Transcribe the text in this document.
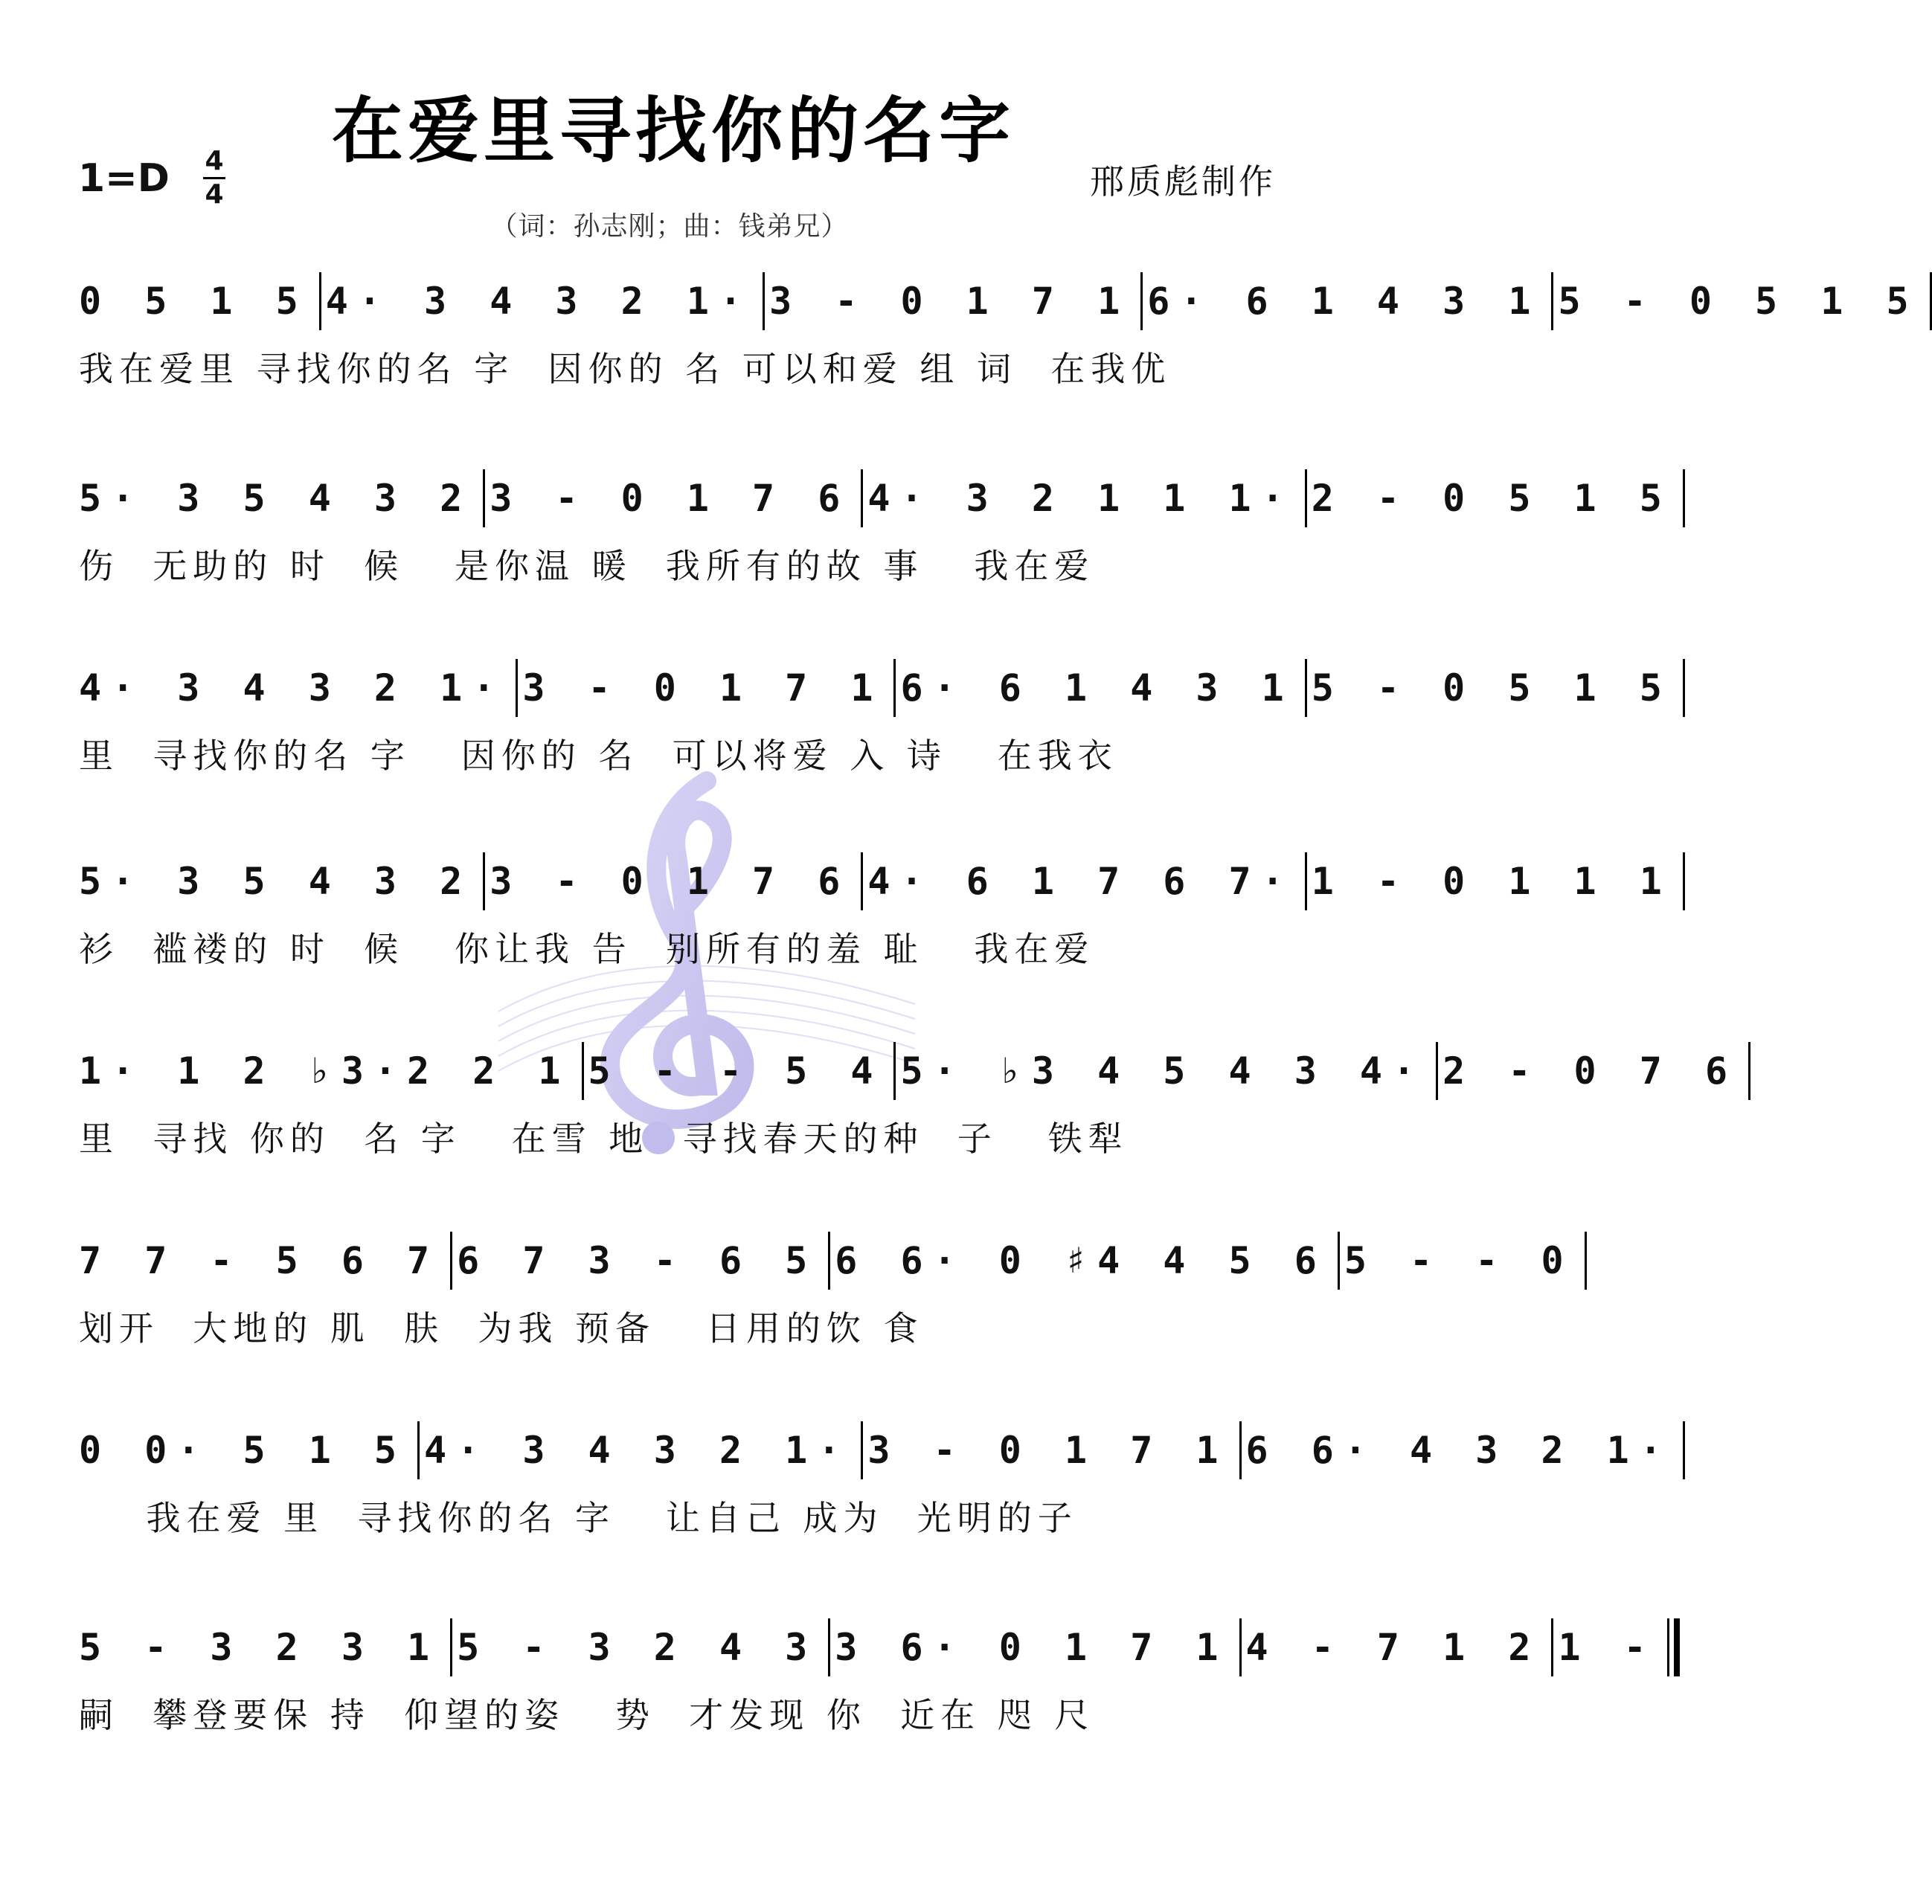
在爱里寻找你的名字
1=D 4
4
（词：孙志刚；曲：钱弟兄）
邢质彪制作
0 5 1 5 4· 3 4 3 2 1· 3 - 0 1 7 1 6· 6 1 4 3 1 5 - 0 5 1 5
我在爱里 寻找你的名 字  因你的 名 可以和爱 组 词  在我优
5· 3 5 4 3 2 3 - 0 1 7 6 4· 3 2 1 1 1· 2 - 0 5 1 5
伤  无助的 时  候   是你温 暖  我所有的故 事   我在爱
4· 3 4 3 2 1· 3 - 0 1 7 1 6· 6 1 4 3 1 5 - 0 5 1 5
里  寻找你的名 字   因你的 名  可以将爱 入 诗   在我衣
5· 3 5 4 3 2 3 - 0 1 7 6 4· 6 1 7 6 7· 1 - 0 1 1 1
衫  褴褛的 时  候   你让我 告  别所有的羞 耻   我在爱
1· 1 2 ♭3·2 2 1 5 - - 5 4 5· ♭3 4 5 4 3 4· 2 - 0 7 6
里  寻找 你的  名 字   在雪 地  寻找春天的种  子   铁犁
7 7 - 5 6 7 6 7 3 - 6 5 6 6· 0 ♯4 4 5 6 5 - - 0
划开  大地的 肌  肤  为我 预备   日用的饮 食
0 0· 5 1 5 4· 3 4 3 2 1· 3 - 0 1 7 1 6 6· 4 3 2 1·
我在爱 里  寻找你的名 字   让自己 成为  光明的子
5 - 3 2 3 1 5 - 3 2 4 3 3 6· 0 1 7 1 4 - 7 1 2 1 -
嗣  攀登要保 持  仰望的姿   势  才发现 你  近在 咫 尺
